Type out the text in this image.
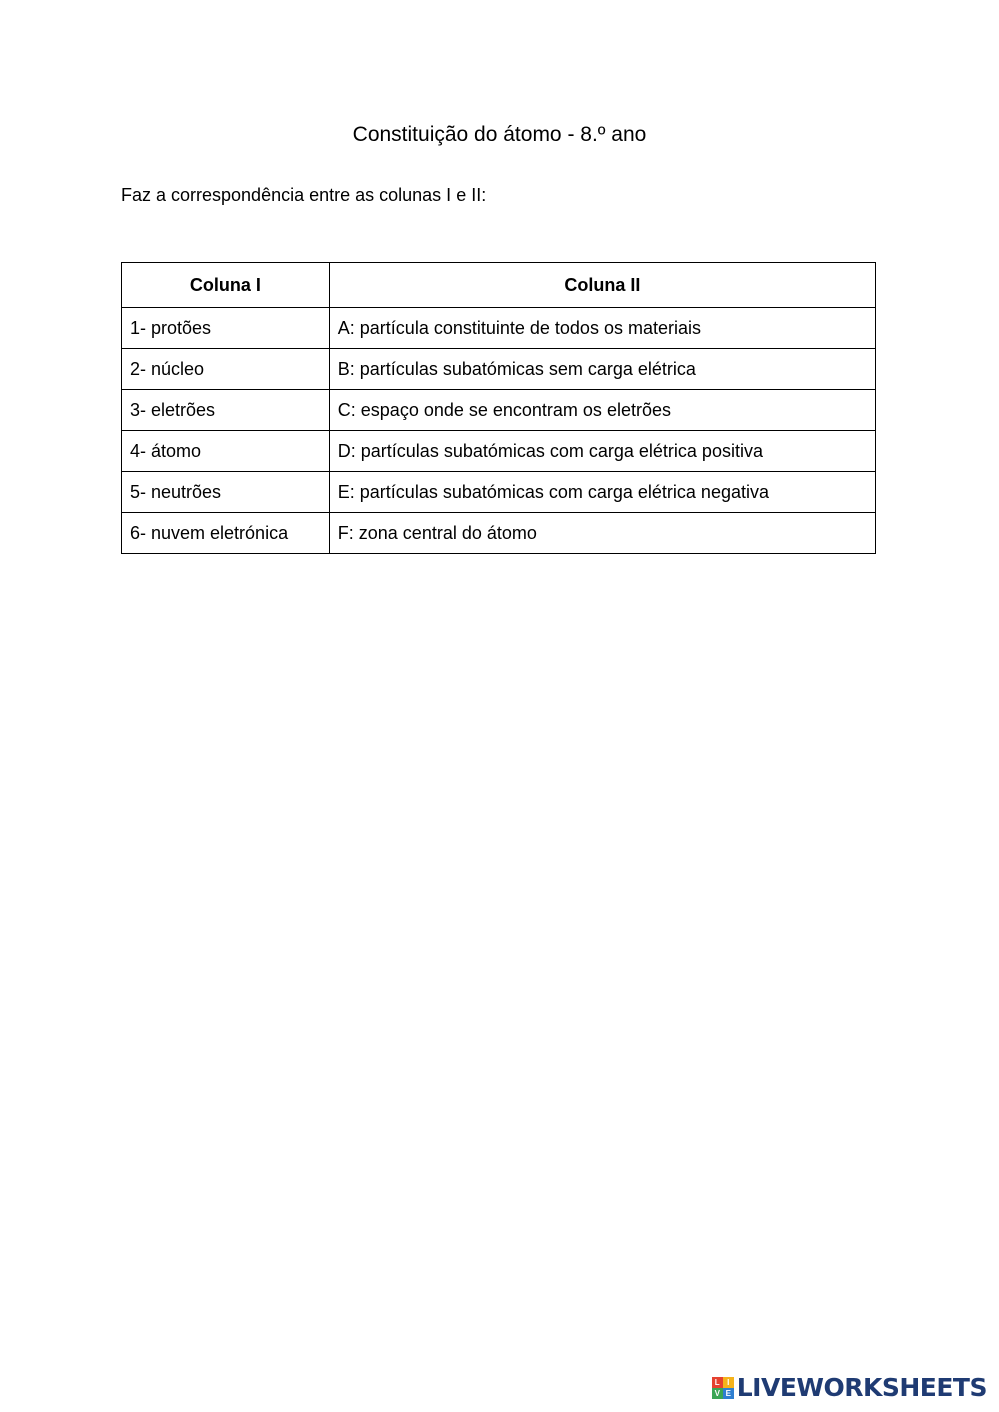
Constituição do átomo - 8.º ano
Faz a correspondência entre as colunas I e II:
Coluna I	Coluna II
1- protões	A: partícula constituinte de todos os materiais
2- núcleo	B: partículas subatómicas sem carga elétrica
3- eletrões	C: espaço onde se encontram os eletrões
4- átomo	D: partículas subatómicas com carga elétrica positiva
5- neutrões	E: partículas subatómicas com carga elétrica negativa
6- nuvem eletrónica	F: zona central do átomo
L I
V E LIVEWORKSHEETS
